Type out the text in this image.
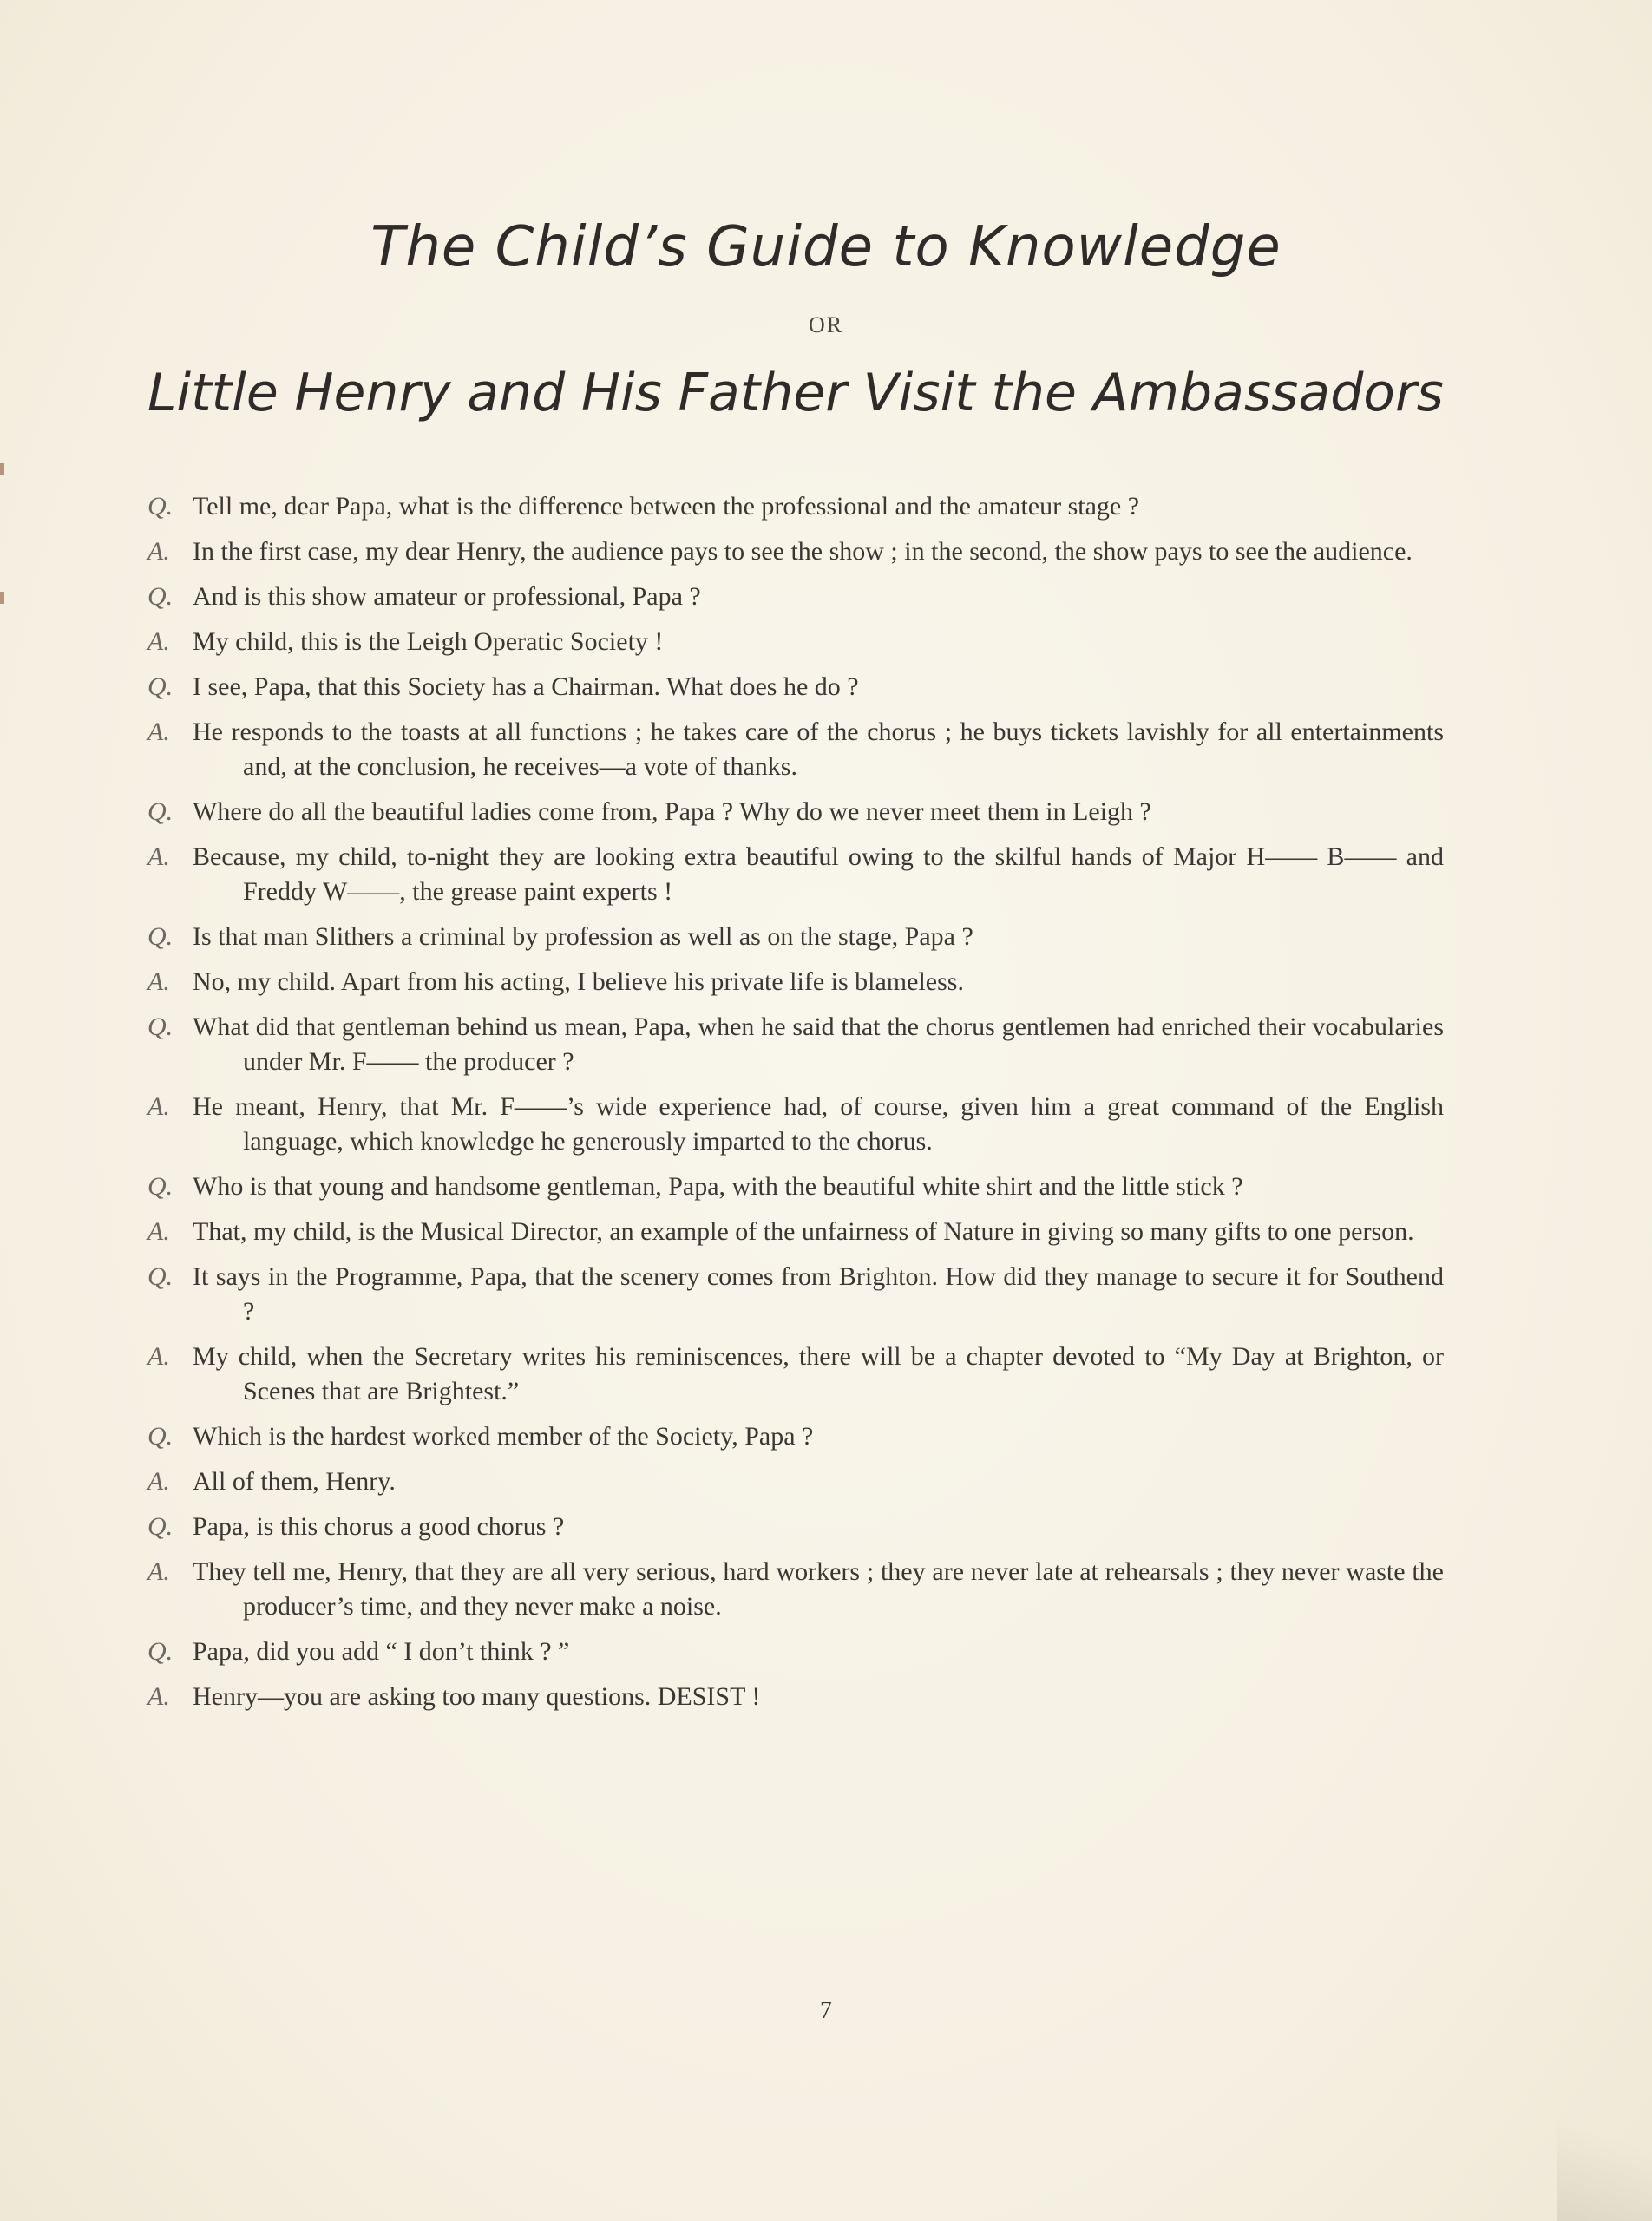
The Child’s Guide to Knowledge
OR
Little Henry and His Father Visit the Ambassadors
Q. Tell me, dear Papa, what is the difference between the professional and the amateur stage ?
A. In the first case, my dear Henry, the audience pays to see the show ; in the second, the show pays to see the audience.
Q. And is this show amateur or professional, Papa ?
A. My child, this is the Leigh Operatic Society !
Q. I see, Papa, that this Society has a Chairman. What does he do ?
A. He responds to the toasts at all functions ; he takes care of the chorus ; he buys tickets lavishly for all entertainments and, at the conclusion, he receives—a vote of thanks.
Q. Where do all the beautiful ladies come from, Papa ? Why do we never meet them in Leigh ?
A. Because, my child, to-night they are looking extra beautiful owing to the skilful hands of Major H—— B—— and Freddy W——, the grease paint experts !
Q. Is that man Slithers a criminal by profession as well as on the stage, Papa ?
A. No, my child. Apart from his acting, I believe his private life is blameless.
Q. What did that gentleman behind us mean, Papa, when he said that the chorus gentlemen had enriched their vocabularies under Mr. F—— the producer ?
A. He meant, Henry, that Mr. F——’s wide experience had, of course, given him a great command of the English language, which knowledge he generously imparted to the chorus.
Q. Who is that young and handsome gentleman, Papa, with the beautiful white shirt and the little stick ?
A. That, my child, is the Musical Director, an example of the unfairness of Nature in giving so many gifts to one person.
Q. It says in the Programme, Papa, that the scenery comes from Brighton. How did they manage to secure it for Southend ?
A. My child, when the Secretary writes his reminiscences, there will be a chapter devoted to “My Day at Brighton, or Scenes that are Brightest.”
Q. Which is the hardest worked member of the Society, Papa ?
A. All of them, Henry.
Q. Papa, is this chorus a good chorus ?
A. They tell me, Henry, that they are all very serious, hard workers ; they are never late at rehearsals ; they never waste the producer’s time, and they never make a noise.
Q. Papa, did you add “ I don’t think ? ”
A. Henry—you are asking too many questions. DESIST !
7
